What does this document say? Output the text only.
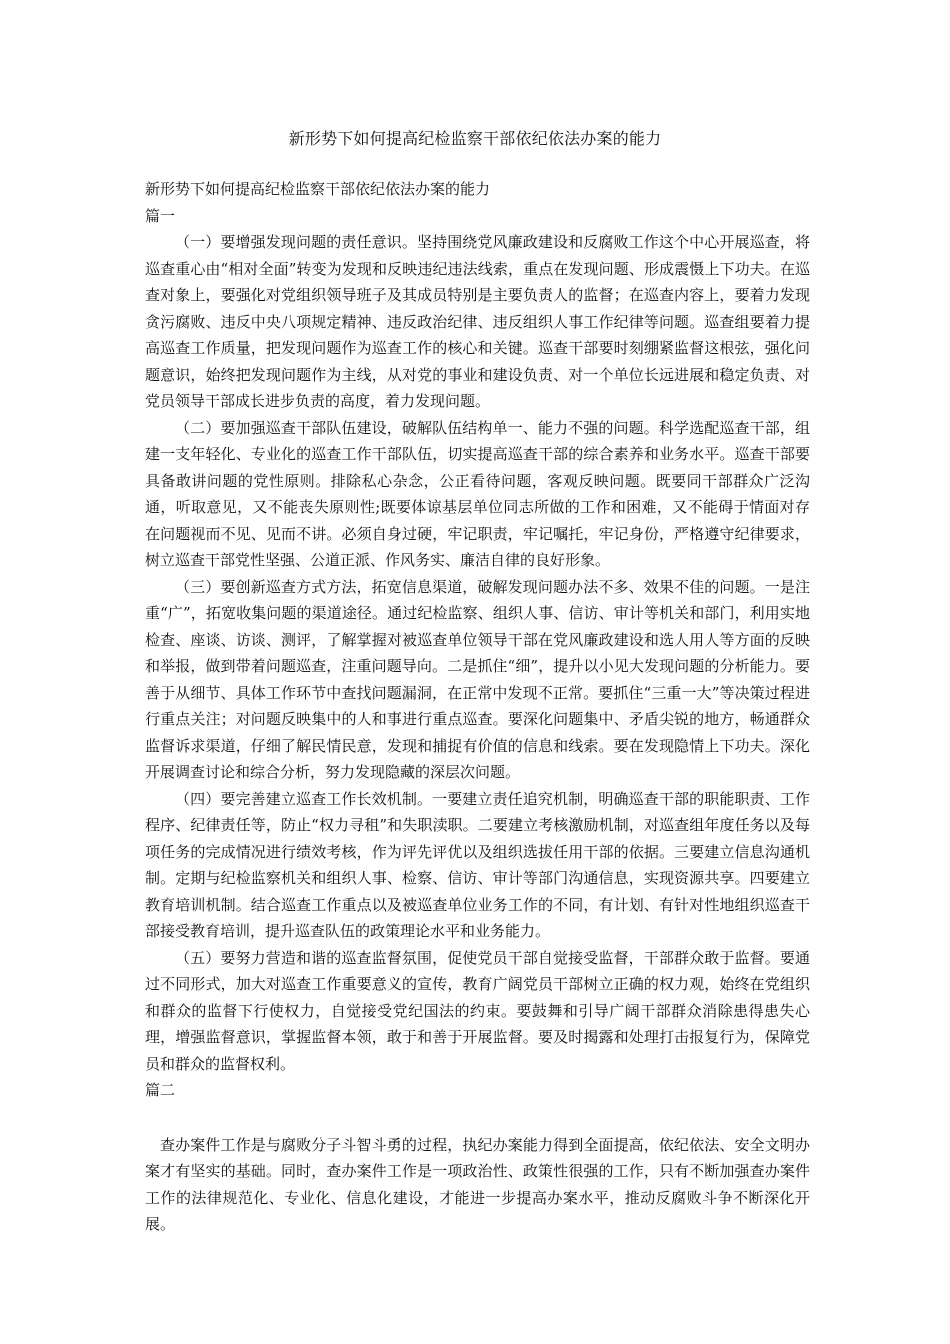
新形势下如何提高纪检监察干部依纪依法办案的能力

新形势下如何提高纪检监察干部依纪依法办案的能力

篇一

（一）要增强发现问题的责任意识。坚持围绕党风廉政建设和反腐败工作这个中心开展巡查，将巡查重心由“相对全面”转变为发现和反映违纪违法线索，重点在发现问题、形成震慑上下功夫。在巡查对象上，要强化对党组织领导班子及其成员特别是主要负责人的监督；在巡查内容上，要着力发现贪污腐败、违反中央八项规定精神、违反政治纪律、违反组织人事工作纪律等问题。巡查组要着力提高巡查工作质量，把发现问题作为巡查工作的核心和关键。巡查干部要时刻绷紧监督这根弦，强化问题意识，始终把发现问题作为主线，从对党的事业和建设负责、对一个单位长远进展和稳定负责、对党员领导干部成长进步负责的高度，着力发现问题。

（二）要加强巡查干部队伍建设，破解队伍结构单一、能力不强的问题。科学选配巡查干部，组建一支年轻化、专业化的巡查工作干部队伍，切实提高巡查干部的综合素养和业务水平。巡查干部要具备敢讲问题的党性原则。排除私心杂念，公正看待问题，客观反映问题。既要同干部群众广泛沟通，听取意见，又不能丧失原则性;既要体谅基层单位同志所做的工作和困难，又不能碍于情面对存在问题视而不见、见而不讲。必须自身过硬，牢记职责，牢记嘱托，牢记身份，严格遵守纪律要求，树立巡查干部党性坚强、公道正派、作风务实、廉洁自律的良好形象。

（三）要创新巡查方式方法，拓宽信息渠道，破解发现问题办法不多、效果不佳的问题。一是注重“广”，拓宽收集问题的渠道途径。通过纪检监察、组织人事、信访、审计等机关和部门，利用实地检查、座谈、访谈、测评，了解掌握对被巡查单位领导干部在党风廉政建设和选人用人等方面的反映和举报，做到带着问题巡查，注重问题导向。二是抓住“细”，提升以小见大发现问题的分析能力。要善于从细节、具体工作环节中查找问题漏洞，在正常中发现不正常。要抓住“三重一大”等决策过程进行重点关注；对问题反映集中的人和事进行重点巡查。要深化问题集中、矛盾尖锐的地方，畅通群众监督诉求渠道，仔细了解民情民意，发现和捕捉有价值的信息和线索。要在发现隐情上下功夫。深化开展调查讨论和综合分析，努力发现隐藏的深层次问题。

（四）要完善建立巡查工作长效机制。一要建立责任追究机制，明确巡查干部的职能职责、工作程序、纪律责任等，防止“权力寻租”和失职渎职。二要建立考核激励机制，对巡查组年度任务以及每项任务的完成情况进行绩效考核，作为评先评优以及组织选拔任用干部的依据。三要建立信息沟通机制。定期与纪检监察机关和组织人事、检察、信访、审计等部门沟通信息，实现资源共享。四要建立教育培训机制。结合巡查工作重点以及被巡查单位业务工作的不同，有计划、有针对性地组织巡查干部接受教育培训，提升巡查队伍的政策理论水平和业务能力。

（五）要努力营造和谐的巡查监督氛围，促使党员干部自觉接受监督，干部群众敢于监督。要通过不同形式，加大对巡查工作重要意义的宣传，教育广阔党员干部树立正确的权力观，始终在党组织和群众的监督下行使权力，自觉接受党纪国法的约束。要鼓舞和引导广阔干部群众消除患得患失心理，增强监督意识，掌握监督本领，敢于和善于开展监督。要及时揭露和处理打击报复行为，保障党员和群众的监督权利。

篇二

查办案件工作是与腐败分子斗智斗勇的过程，执纪办案能力得到全面提高，依纪依法、安全文明办案才有坚实的基础。同时，查办案件工作是一项政治性、政策性很强的工作，只有不断加强查办案件工作的法律规范化、专业化、信息化建设，才能进一步提高办案水平，推动反腐败斗争不断深化开展。
